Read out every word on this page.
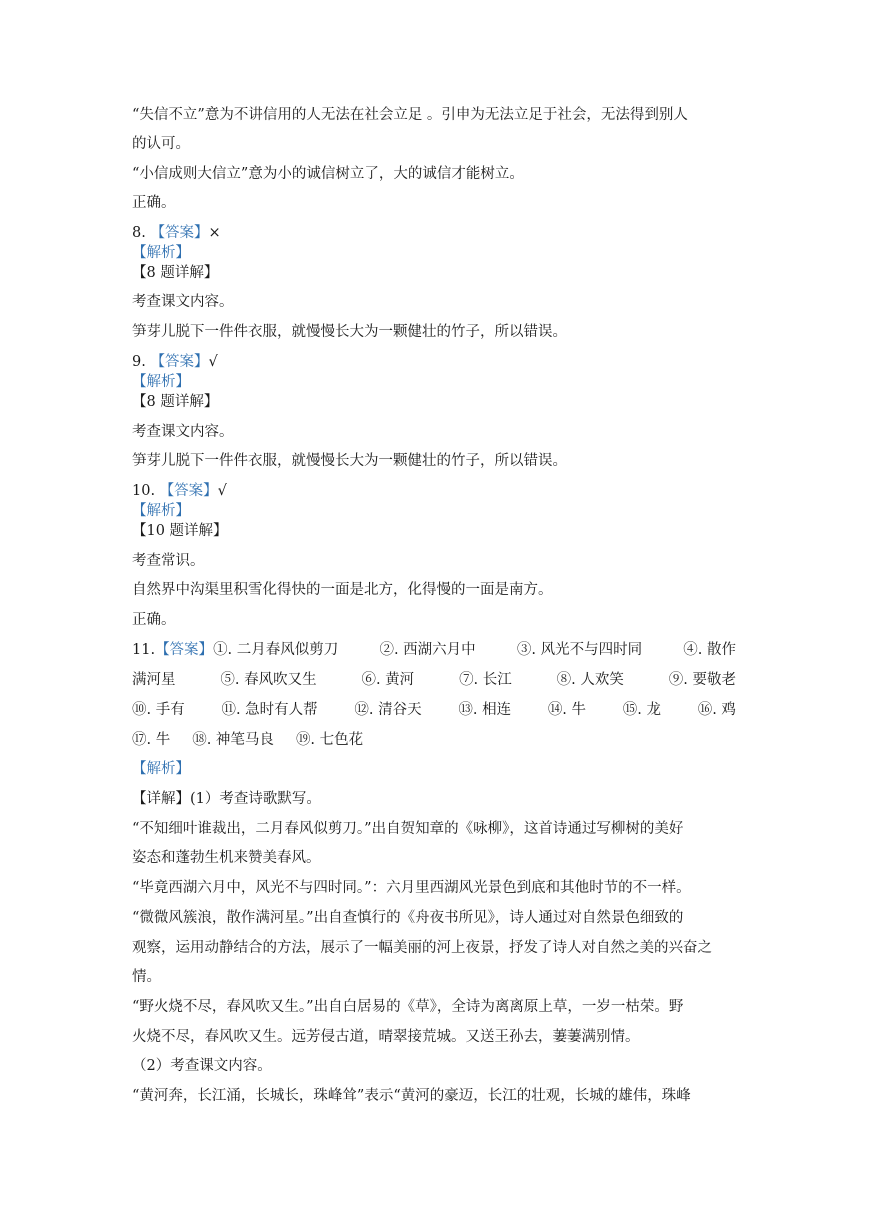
“失信不立”意为不讲信用的人无法在社会立足 。引申为无法立足于社会，无法得到别人
的认可。
“小信成则大信立”意为小的诚信树立了，大的诚信才能树立。
正确。
8. 【答案】×
【解析】
【8 题详解】
考查课文内容。
笋芽儿脱下一件件衣服，就慢慢长大为一颗健壮的竹子，所以错误。
9. 【答案】√
【解析】
【8 题详解】
考查课文内容。
笋芽儿脱下一件件衣服，就慢慢长大为一颗健壮的竹子，所以错误。
10. 【答案】√
【解析】
【10 题详解】
考查常识。
自然界中沟渠里积雪化得快的一面是北方，化得慢的一面是南方。
正确。
11.【答案】①. 二月春风似剪刀	②. 西湖六月中	③. 风光不与四时同	④. 散作
满河星	⑤. 春风吹又生	⑥. 黄河	⑦. 长江	⑧. 人欢笑	⑨. 要敬老
⑩. 手有	⑪. 急时有人帮	⑫. 清谷天	⑬. 相连	⑭. 牛	⑮. 龙	⑯. 鸡
⑰. 牛 ⑱. 神笔马良 ⑲. 七色花
【解析】
【详解】(1）考查诗歌默写。
“不知细叶谁裁出，二月春风似剪刀。”出自贺知章的《咏柳》，这首诗通过写柳树的美好
姿态和蓬勃生机来赞美春风。
“毕竟西湖六月中，风光不与四时同。”：六月里西湖风光景色到底和其他时节的不一样。
“微微风簇浪，散作满河星。”出自查慎行的《舟夜书所见》，诗人通过对自然景色细致的
观察，运用动静结合的方法，展示了一幅美丽的河上夜景，抒发了诗人对自然之美的兴奋之
情。
“野火烧不尽，春风吹又生。”出自白居易的《草》，全诗为离离原上草，一岁一枯荣。野
火烧不尽，春风吹又生。远芳侵古道，晴翠接荒城。又送王孙去，萋萋满别情。
（2）考查课文内容。
“黄河奔，长江涌，长城长，珠峰耸”表示“黄河的豪迈，长江的壮观，长城的雄伟，珠峰
